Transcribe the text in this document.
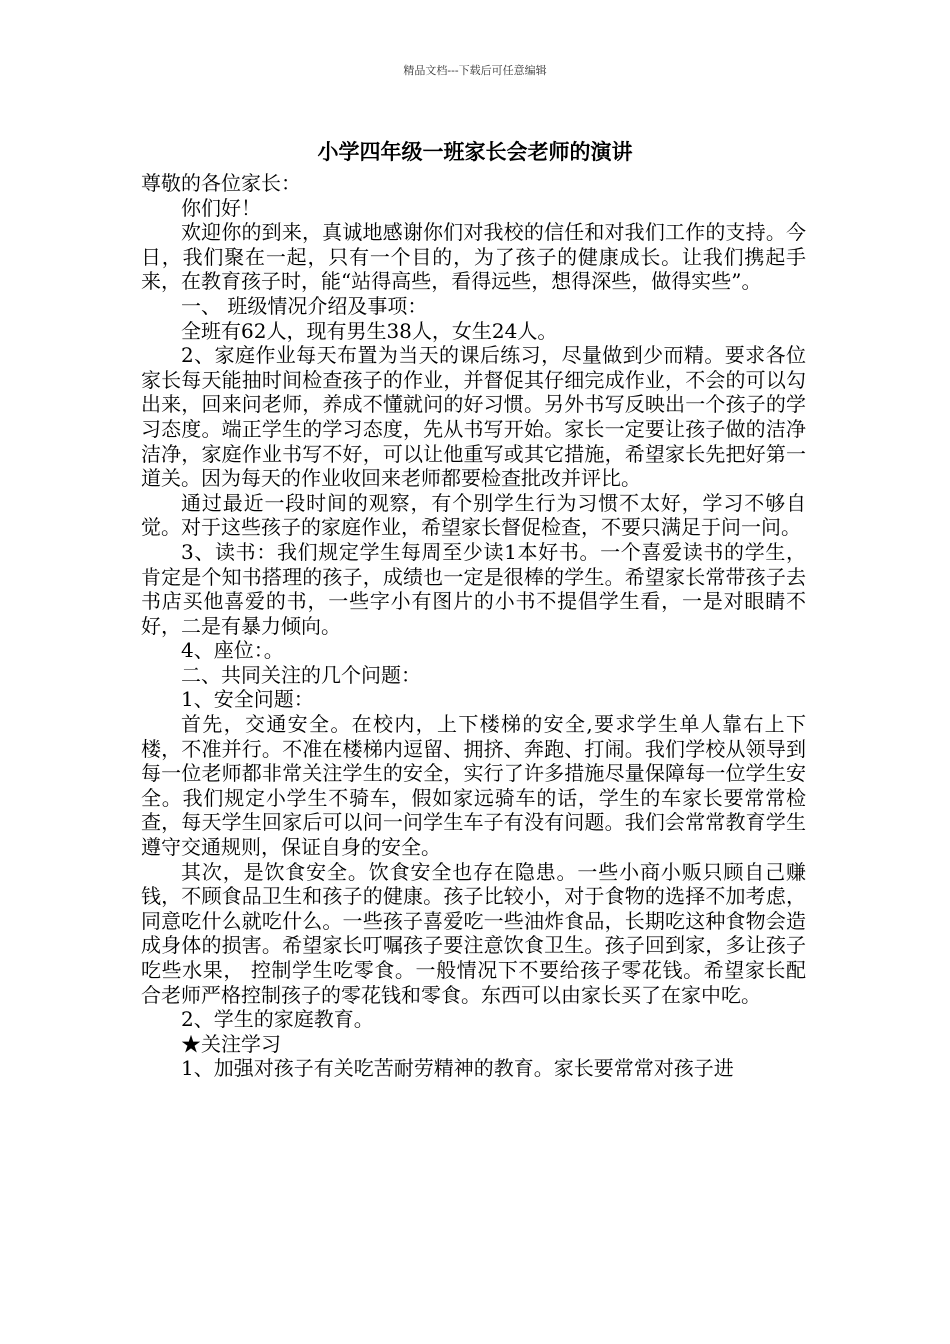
精品文档---下载后可任意编辑
小学四年级一班家长会老师的演讲

尊敬的各位家长：

你们好！

欢迎你的到来，真诚地感谢你们对我校的信任和对我们工作的支持。今日，我们聚在一起，只有一个目的，为了孩子的健康成长。让我们携起手来，在教育孩子时，能“站得高些，看得远些，想得深些，做得实些”。

一、 班级情况介绍及事项：

全班有62人，现有男生38人，女生24人。

2、家庭作业每天布置为当天的课后练习，尽量做到少而精。要求各位家长每天能抽时间检查孩子的作业，并督促其仔细完成作业，不会的可以勾出来，回来问老师，养成不懂就问的好习惯。另外书写反映出一个孩子的学习态度。端正学生的学习态度，先从书写开始。家长一定要让孩子做的洁净洁净，家庭作业书写不好，可以让他重写或其它措施，希望家长先把好第一道关。因为每天的作业收回来老师都要检查批改并评比。

通过最近一段时间的观察，有个别学生行为习惯不太好，学习不够自觉。对于这些孩子的家庭作业，希望家长督促检查，不要只满足于问一问。

3、读书：我们规定学生每周至少读1本好书。一个喜爱读书的学生，肯定是个知书搭理的孩子，成绩也一定是很棒的学生。希望家长常带孩子去书店买他喜爱的书，一些字小有图片的小书不提倡学生看，一是对眼睛不好，二是有暴力倾向。

4、座位：。

二、共同关注的几个问题：

1、安全问题：

首先，交通安全。在校内，上下楼梯的安全,要求学生单人靠右上下楼，不准并行。不准在楼梯内逗留、拥挤、奔跑、打闹。我们学校从领导到每一位老师都非常关注学生的安全，实行了许多措施尽量保障每一位学生安全。我们规定小学生不骑车，假如家远骑车的话，学生的车家长要常常检查，每天学生回家后可以问一问学生车子有没有问题。我们会常常教育学生遵守交通规则，保证自身的安全。

其次，是饮食安全。饮食安全也存在隐患。一些小商小贩只顾自己赚钱，不顾食品卫生和孩子的健康。孩子比较小，对于食物的选择不加考虑，同意吃什么就吃什么。一些孩子喜爱吃一些油炸食品，长期吃这种食物会造成身体的损害。希望家长叮嘱孩子要注意饮食卫生。孩子回到家，多让孩子吃些水果， 控制学生吃零食。一般情况下不要给孩子零花钱。希望家长配合老师严格控制孩子的零花钱和零食。东西可以由家长买了在家中吃。

2、学生的家庭教育。

★关注学习

1、加强对孩子有关吃苦耐劳精神的教育。家长要常常对孩子进
